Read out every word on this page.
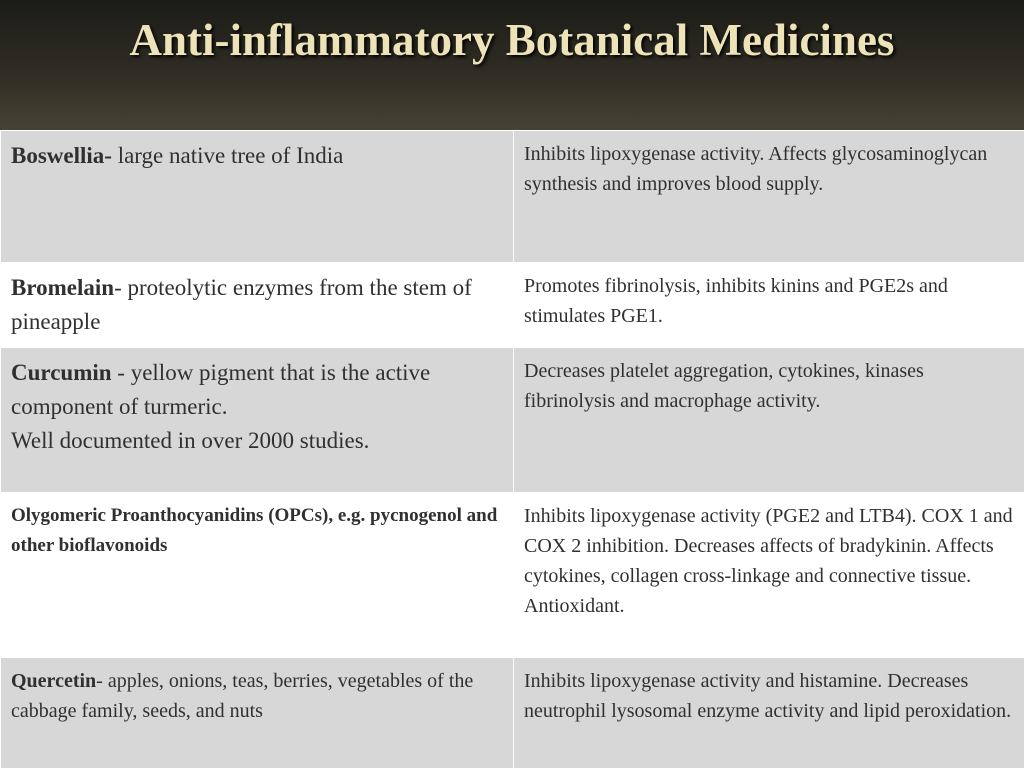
Anti-inflammatory Botanical Medicines
Boswellia- large native tree of India	Inhibits lipoxygenase activity. Affects glycosaminoglycan synthesis and improves blood supply.

Bromelain- proteolytic enzymes from the stem of pineapple	Promotes fibrinolysis, inhibits kinins and PGE2s and stimulates PGE1.

Curcumin - yellow pigment that is the active component of turmeric.
Well documented in over 2000 studies.	Decreases platelet aggregation, cytokines, kinases fibrinolysis and macrophage activity.

Olygomeric Proanthocyanidins (OPCs), e.g. pycnogenol and other bioflavonoids	Inhibits lipoxygenase activity (PGE2 and LTB4). COX 1 and COX 2 inhibition. Decreases affects of bradykinin. Affects cytokines, collagen cross-linkage and connective tissue. Antioxidant.

Quercetin- apples, onions, teas, berries, vegetables of the cabbage family, seeds, and nuts	Inhibits lipoxygenase activity and histamine. Decreases neutrophil lysosomal enzyme activity and lipid peroxidation.
